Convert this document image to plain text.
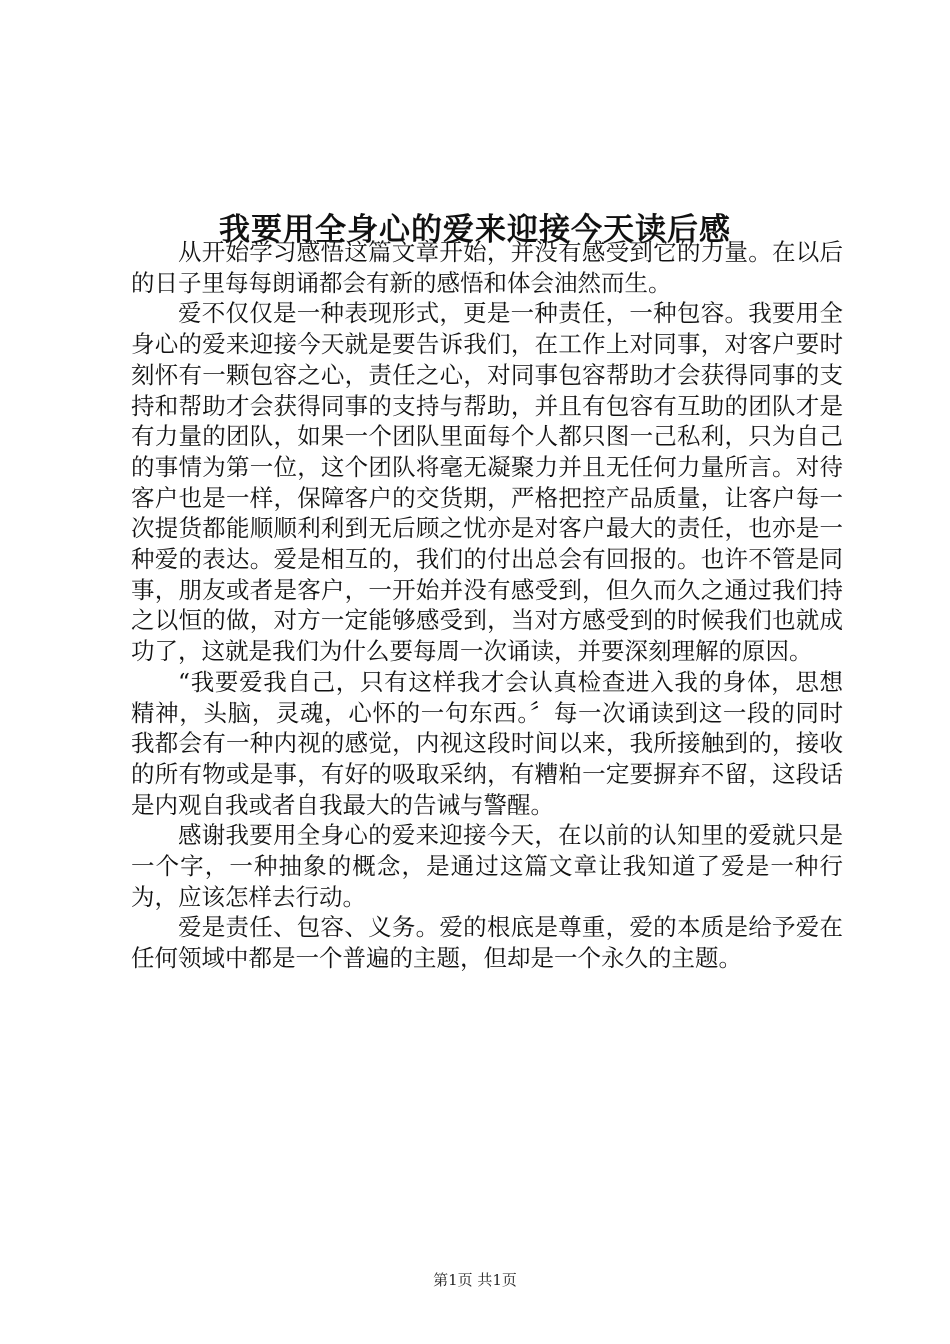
我要用全身心的爱来迎接今天读后感

从开始学习感悟这篇文章开始，并没有感受到它的力量。在以后的日子里每每朗诵都会有新的感悟和体会油然而生。

爱不仅仅是一种表现形式，更是一种责任，一种包容。我要用全身心的爱来迎接今天就是要告诉我们，在工作上对同事，对客户要时刻怀有一颗包容之心，责任之心，对同事包容帮助才会获得同事的支持和帮助才会获得同事的支持与帮助，并且有包容有互助的团队才是有力量的团队，如果一个团队里面每个人都只图一己私利，只为自己的事情为第一位，这个团队将毫无凝聚力并且无任何力量所言。对待客户也是一样，保障客户的交货期，严格把控产品质量，让客户每一次提货都能顺顺利利到无后顾之忧亦是对客户最大的责任，也亦是一种爱的表达。爱是相互的，我们的付出总会有回报的。也许不管是同事，朋友或者是客户，一开始并没有感受到，但久而久之通过我们持之以恒的做，对方一定能够感受到，当对方感受到的时候我们也就成功了，这就是我们为什么要每周一次诵读，并要深刻理解的原因。

“我要爱我自己，只有这样我才会认真检查进入我的身体，思想精神，头脑，灵魂，心怀的一句东西。〞每一次诵读到这一段的同时我都会有一种内视的感觉，内视这段时间以来，我所接触到的，接收的所有物或是事，有好的吸取采纳，有糟粕一定要摒弃不留，这段话是内观自我或者自我最大的告诫与警醒。

感谢我要用全身心的爱来迎接今天，在以前的认知里的爱就只是一个字，一种抽象的概念，是通过这篇文章让我知道了爱是一种行为，应该怎样去行动。

爱是责任、包容、义务。爱的根底是尊重，爱的本质是给予爱在任何领域中都是一个普遍的主题，但却是一个永久的主题。

第1页 共1页
